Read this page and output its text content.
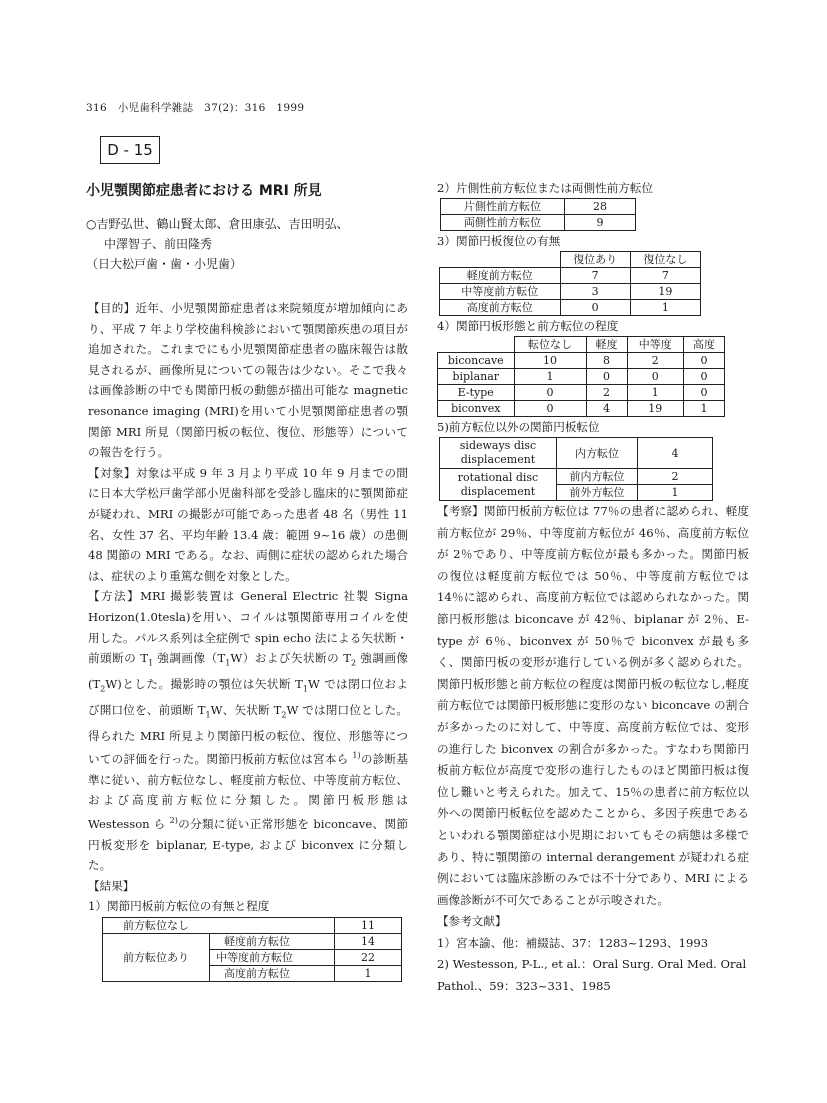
316　小児歯科学雑誌　37(2)：316　1999
D - 15
小児顎関節症患者における MRI 所見
○吉野弘世、鶴山賢太郎、倉田康弘、吉田明弘、
中澤智子、前田隆秀
（日大松戸歯・歯・小児歯）

【目的】近年、小児顎関節症患者は来院頻度が増加傾向にあり、平成 7 年より学校歯科検診において顎関節疾患の項目が追加された。これまでにも小児顎関節症患者の臨床報告は散見されるが、画像所見についての報告は少ない。そこで我々は画像診断の中でも関節円板の動態が描出可能な magnetic resonance imaging (MRI)を用いて小児顎関節症患者の顎関節 MRI 所見（関節円板の転位、復位、形態等）についての報告を行う。

【対象】対象は平成 9 年 3 月より平成 10 年 9 月までの間に日本大学松戸歯学部小児歯科部を受診し臨床的に顎関節症が疑われ、MRI の撮影が可能であった患者 48 名（男性 11 名、女性 37 名、平均年齢 13.4 歳：範囲 9~16 歳）の患側 48 関節の MRI である。なお、両側に症状の認められた場合は、症状のより重篤な側を対象とした。

【方法】MRI 撮影装置は General Electric 社製 Signa Horizon(1.0tesla)を用い、コイルは顎関節専用コイルを使用した。パルス系列は全症例で spin echo 法による矢状断・前頭断の $T_1$ 強調画像$(T_1W)$および矢状断の $T_2$ 強調画像$(T_2W)$とした。撮影時の顎位は矢状断 $T_1W$ では閉口位および開口位を、前頭断 $T_1W$、矢状断 $T_2W$ では閉口位とした。得られた MRI 所見より関節円板の転位、復位、形態等についての評価を行った。関節円板前方転位は宮本ら $^{1)}$の診断基準に従い、前方転位なし、軽度前方転位、中等度前方転位、および高度前方転位に分類した。関節円板形態は Westesson ら $^{2)}$の分類に従い正常形態を biconcave、関節円板変形を biplanar, E-type, および biconvex に分類した。

【結果】

1）関節円板前方転位の有無と程度

前方転位なし		11
前方転位あり	軽度前方転位	14
	中等度前方転位	22
	高度前方転位	1

2）片側性前方転位または両側性前方転位

片側性前方転位	28
両側性前方転位	9

3）関節円板復位の有無

	復位あり	復位なし
軽度前方転位	7	7
中等度前方転位	3	19
高度前方転位	0	1

4）関節円板形態と前方転位の程度

	転位なし	軽度	中等度	高度
biconcave	10	8	2	0
biplanar	1	0	0	0
E-type	0	2	1	0
biconvex	0	4	19	1

5)前方転位以外の関節円板転位

sideways disc displacement	内方転位	4
rotational disc displacement	前内方転位	2
	前外方転位	1

【考察】関節円板前方転位は 77％の患者に認められ、軽度前方転位が 29％、中等度前方転位が 46％、高度前方転位が 2％であり、中等度前方転位が最も多かった。関節円板の復位は軽度前方転位では 50％、中等度前方転位では 14％に認められ、高度前方転位では認められなかった。関節円板形態は biconcave が 42％、biplanar が 2％、E-type が 6％、biconvex が 50％で biconvex が最も多く、関節円板の変形が進行している例が多く認められた。関節円板形態と前方転位の程度は関節円板の転位なし,軽度前方転位では関節円板形態に変形のない biconcave の割合が多かったのに対して、中等度、高度前方転位では、変形の進行した biconvex の割合が多かった。すなわち関節円板前方転位が高度で変形の進行したものほど関節円板は復位し難いと考えられた。加えて、15％の患者に前方転位以外への関節円板転位を認めたことから、多因子疾患であるといわれる顎関節症は小児期においてもその病態は多様であり、特に顎関節の internal derangement が疑われる症例においては臨床診断のみでは不十分であり、MRI による画像診断が不可欠であることが示唆された。

【参考文献】

1）宮本諭、他：補綴誌、37：1283~1293、1993

2) Westesson, P-L., et al.：Oral Surg. Oral Med. Oral

Pathol.、59：323~331、1985
